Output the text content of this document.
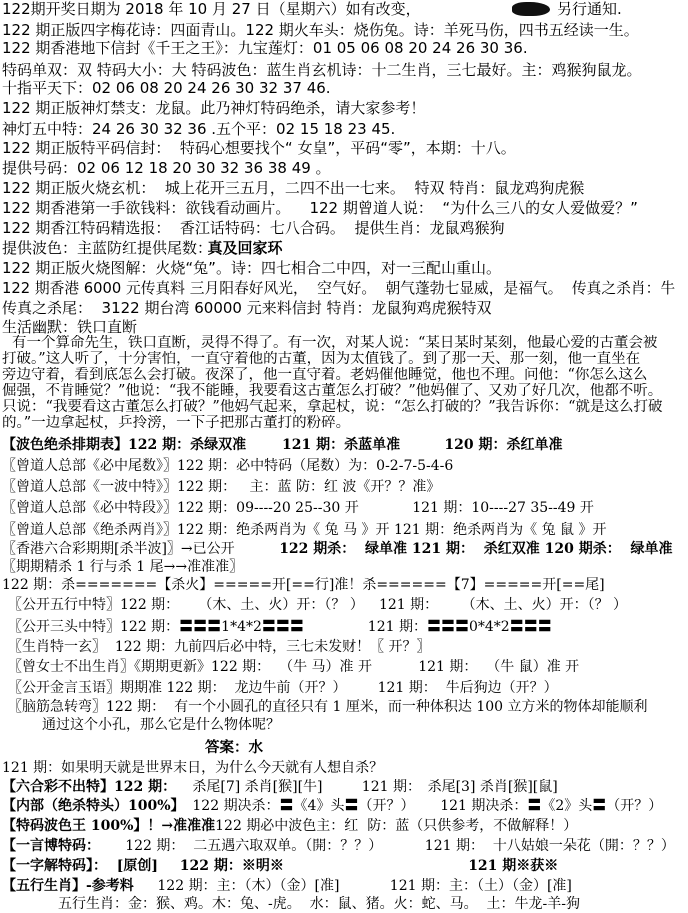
122期开奖日期为 2018 年 10 月 27 日（星期六）如有改变，	另行通知.
122 期正版四字梅花诗：四面青山。122 期火车头：烧伤兔。诗：羊死马伤，四书五经读一生。
122 期香港地下信封《千王之王》：九宝莲灯：01 05 06 08 20 24 26 30 36.
特码单双：双 特码大小：大 特码波色：蓝生肖玄机诗：十二生肖，三七最好。主：鸡猴狗鼠龙。
十指平天下：02 06 08 20 24 26 30 32 37 46.
122 期正版神灯禁支：龙鼠。此乃神灯特码绝杀，请大家参考！
神灯五中特：24 26 30 32 36 .五个平：02 15 18 23 45.
122 期正版特平码信封：  特码心想要找个“ 女皇”，平码“零”，本期：十八。
提供号码：02 06 12 18 20 30 32 36 38 49 。
122 期正版火烧玄机：  城上花开三五月，二四不出一七来。  特双 特肖：鼠龙鸡狗虎猴
122 期香港第一手欲钱料：欲钱看动画片。    122 期曾道人说：  “为什么三八的女人爱做爱？”
122 期香江特码精选报：  香江话特码：七八合码。  提供生肖：龙鼠鸡猴狗
提供波色：主蓝防红提供尾数：真及回家环
122 期正版火烧图解：火烧“兔”。诗：四七相合二中四，对一三配山重山。
122 期香港 6000 元传真料 三月阳春好风光，  空气好。  朝气蓬勃七显威，是福气。  传真之杀肖：牛
传真之杀尾：  3122 期台湾 60000 元来料信封 特肖：龙鼠狗鸡虎猴特双
生活幽默：铁口直断
有一个算命先生，铁口直断，灵得不得了。有一次，对某人说：“某日某时某刻，他最心爱的古董会被
打破。”这人听了，十分害怕，一直守着他的古董，因为太值钱了。到了那一天、那一刻，他一直坐在
旁边守着，看到底怎么会打破。夜深了，他一直守着。老妈催他睡觉，他也不理。问他：“你怎么这么
倔强，不肯睡觉？”他说：“我不能睡，我要看这古董怎么打破？”他妈催了、又劝了好几次，他都不听。
只说：“我要看这古董怎么打破？”他妈气起来，拿起杖，说：“怎么打破的？”我告诉你：“就是这么打破
的。”一边拿起杖，乒拎滂，一下子把那古董打的粉碎。
【波色绝杀排期表】122 期：杀绿双准	121 期：杀蓝单准	120 期：杀红单准
〖曾道人总部《必中尾数》〗122 期：必中特码（尾数）为：0-2-7-5-4-6
〖曾道人总部《一波中特》〗122 期：   主：蓝 防：红 波《开？？准》
〖曾道人总部《必中特段》〗122 期：09----20 25--30 开	121 期：10----27 35--49 开
〖曾道人总部《绝杀两肖》〗122 期：绝杀两肖为《 兔 马 》开 121 期：绝杀两肖为《 兔 鼠 》开
〖香港六合彩期期[杀半波]〗→已公开	122 期杀：  绿单准 121 期：  杀红双准 120 期杀：  绿单准
〖期期精杀 1 行与杀 1 尾→→准准准〗
122 期：杀=======【杀火】=====开[==行]准！杀======【7】=====开[==尾]
〖公开五行中特〗122 期： （木、土、火）开：（？ ） 121 期： （木、土、火）开：（？ ）
〖公开三头中特〗122 期：〓〓〓1*4*2〓〓〓	121 期：〓〓〓0*4*2〓〓〓
〖生肖特一玄〗  122 期：九前四后必中特，三七未发财！〖 开？〗
〖曾女士不出生肖〗《期期更新》122 期：  （牛 马）准 开	121 期：  （牛 鼠）准 开
〖公开金言玉语〗期期准 122 期：  龙边牛前（开？） 121 期：  牛后狗边（开？）
〖脑筋急转弯〗122 期：  有一个小圆孔的直径只有 1 厘米，而一种体积达 100 立方米的物体却能顺利
通过这个小孔，那么它是什么物体呢？
答案：水
121 期：如果明天就是世界末日，为什么今天就有人想自杀？
【六合彩不出特】122 期： 杀尾[7] 杀肖[猴][牛]	121 期： 杀尾[3] 杀肖[猴][鼠]
【内部（绝杀特头）100%】 122 期决杀：〓《4》头〓（开？） 121 期决杀：〓《2》头〓（开？）
【特码波色王 100%】！→准准准122 期必中波色主：红  防：蓝（只供参考，不做解释！）
【一言博特码： 122 期：  二五遇六取双单。（開：？？）	121 期：  十八姑娘一朵花（開：？？）
【一字解特码】：  [原创] 122 期：※明※	121 期※获※
【五行生肖】-参考料 122 期：主：（木）（金）[准]	121 期：主：（土）（金）[准]
五行生肖：金：猴、鸡。木：兔、-虎。  水：鼠、猪。火：蛇、马。  土：牛龙-羊-狗
